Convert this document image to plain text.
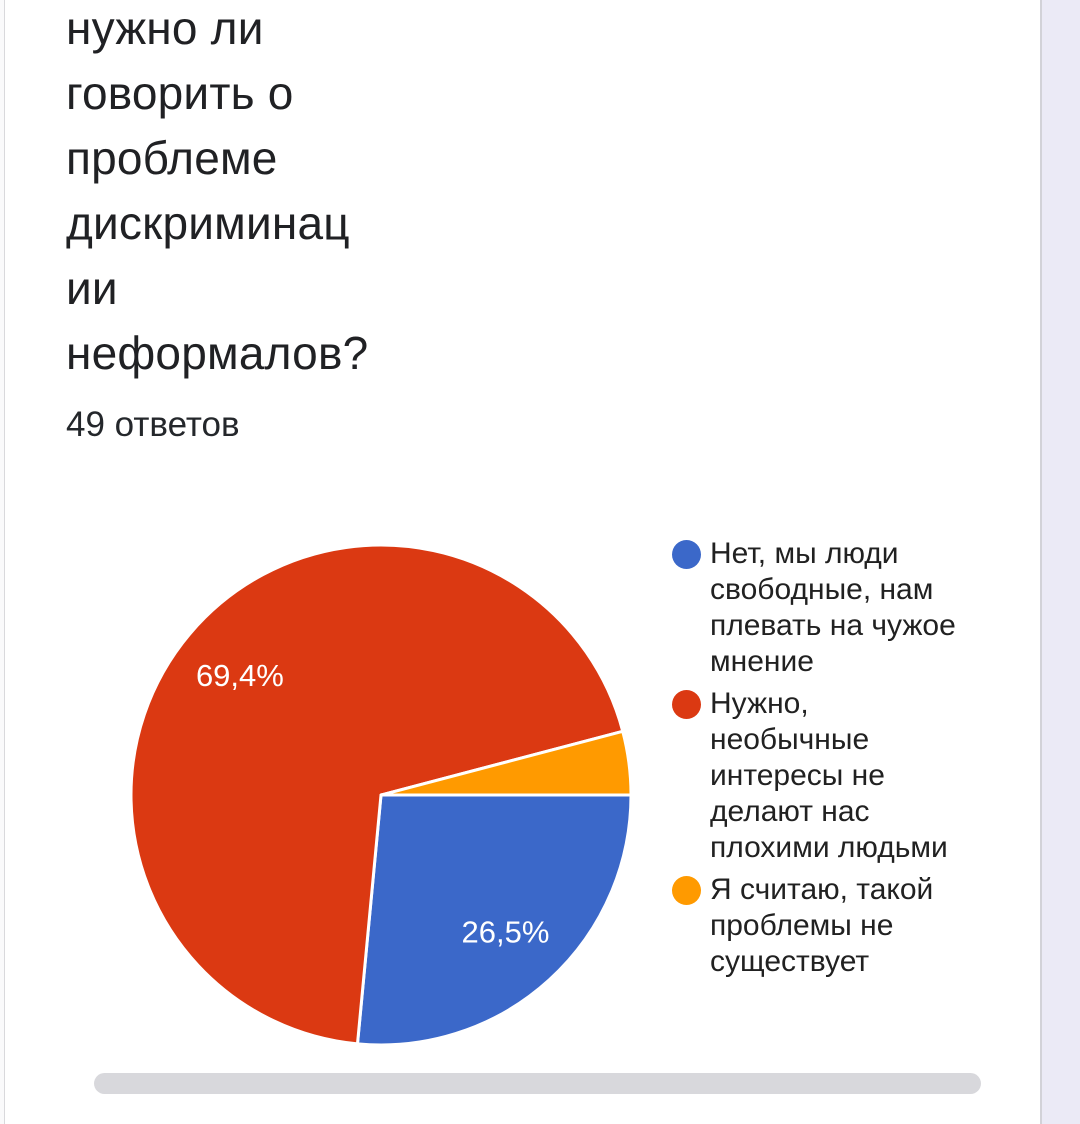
нужно ли
говорить о
проблеме
дискриминац
ии
неформалов?
49 ответов
26,5%
69,4%
Нет, мы люди
свободные, нам
плевать на чужое
мнение
Нужно,
необычные
интересы не
делают нас
плохими людьми
Я считаю, такой
проблемы не
существует
